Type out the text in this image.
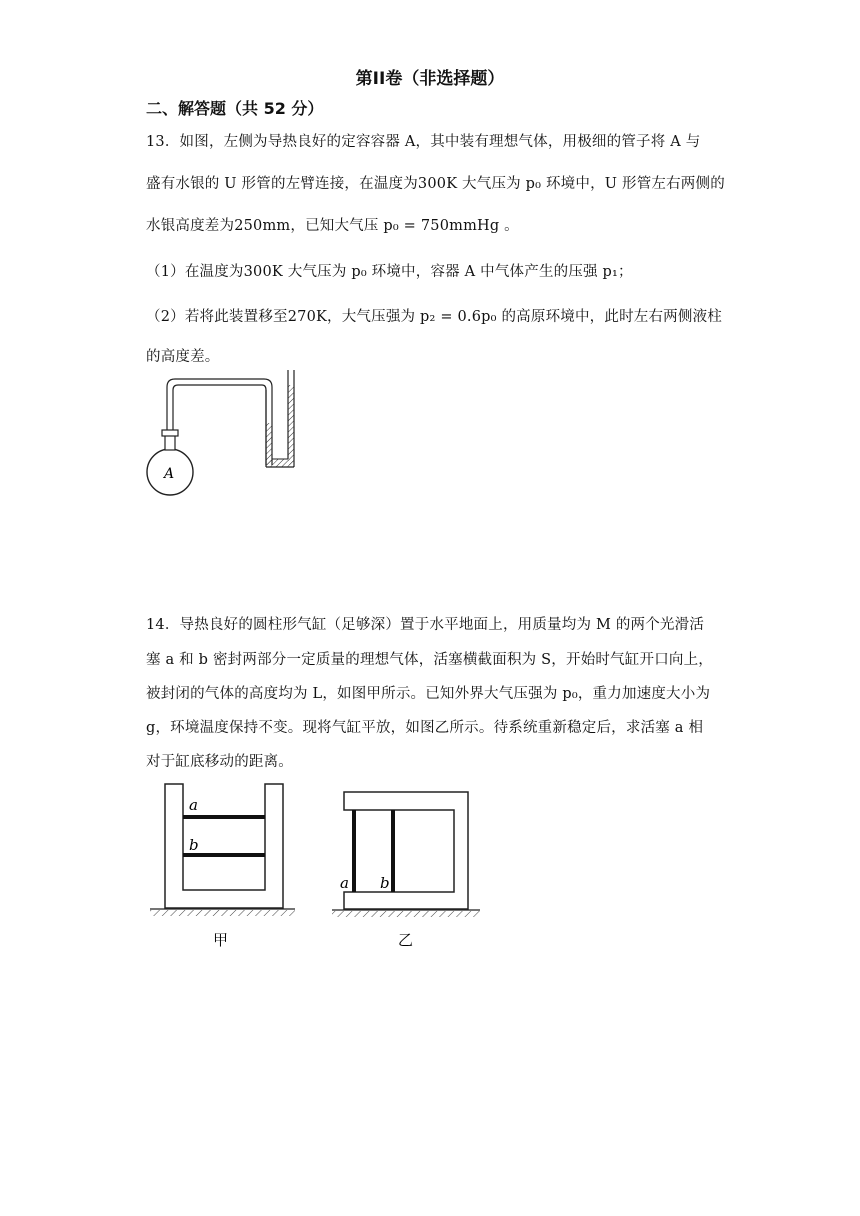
第II卷（非选择题）
二、解答题（共 52 分）
13．如图，左侧为导热良好的定容容器 A，其中装有理想气体，用极细的管子将 A 与
盛有水银的 U 形管的左臂连接，在温度为300K 大气压为 p₀ 环境中，U 形管左右两侧的
水银高度差为250mm，已知大气压 p₀ = 750mmHg 。
（1）在温度为300K 大气压为 p₀ 环境中，容器 A 中气体产生的压强 p₁；
（2）若将此装置移至270K，大气压强为 p₂ = 0.6p₀ 的高原环境中，此时左右两侧液柱
的高度差。
A
14．导热良好的圆柱形气缸（足够深）置于水平地面上，用质量均为 M 的两个光滑活
塞 a 和 b 密封两部分一定质量的理想气体，活塞横截面积为 S，开始时气缸开口向上，
被封闭的气体的高度均为 L，如图甲所示。已知外界大气压强为 p₀，重力加速度大小为
g，环境温度保持不变。现将气缸平放，如图乙所示。待系统重新稳定后，求活塞 a 相
对于缸底移动的距离。
a
b
甲
a b
乙
